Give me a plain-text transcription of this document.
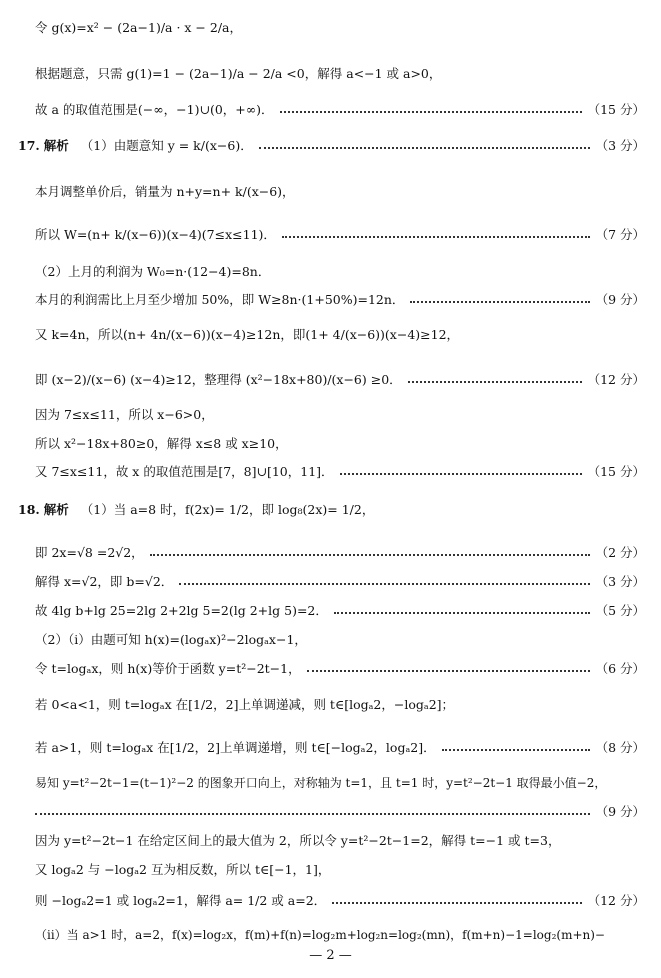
令 g(x)=x² − (2a−1)/a · x − 2/a，
根据题意，只需 g(1)=1 − (2a−1)/a − 2/a <0，解得 a<−1 或 a>0，
故 a 的取值范围是(−∞，−1)∪(0，+∞)．	（15 分）
17. 解析 （1）由题意知 y = k/(x−6)．	（3 分）
本月调整单价后，销量为 n+y=n+ k/(x−6)，
所以 W=(n+ k/(x−6))(x−4)(7≤x≤11)．	（7 分）
（2）上月的利润为 W₀=n·(12−4)=8n．
本月的利润需比上月至少增加 50%，即 W≥8n·(1+50%)=12n．	（9 分）
又 k=4n，所以(n+ 4n/(x−6))(x−4)≥12n，即(1+ 4/(x−6))(x−4)≥12，
即 (x−2)/(x−6) (x−4)≥12，整理得 (x²−18x+80)/(x−6) ≥0．	（12 分）
因为 7≤x≤11，所以 x−6>0，
所以 x²−18x+80≥0，解得 x≤8 或 x≥10，
又 7≤x≤11，故 x 的取值范围是[7，8]∪[10，11]．	（15 分）
18. 解析 （1）当 a=8 时，f(2x)= 1/2，即 log₈(2x)= 1/2，
即 2x=√8 =2√2，	（2 分）
解得 x=√2，即 b=√2．	（3 分）
故 4lg b+lg 25=2lg 2+2lg 5=2(lg 2+lg 5)=2．	（5 分）
（2）（ⅰ）由题可知 h(x)=(logₐx)²−2logₐx−1，
令 t=logₐx，则 h(x)等价于函数 y=t²−2t−1，	（6 分）
若 0<a<1，则 t=logₐx 在[1/2，2]上单调递减，则 t∈[logₐ2，−logₐ2]；
若 a>1，则 t=logₐx 在[1/2，2]上单调递增，则 t∈[−logₐ2，logₐ2]．	（8 分）
易知 y=t²−2t−1=(t−1)²−2 的图象开口向上，对称轴为 t=1，且 t=1 时，y=t²−2t−1 取得最小值−2，
（9 分）
因为 y=t²−2t−1 在给定区间上的最大值为 2，所以令 y=t²−2t−1=2，解得 t=−1 或 t=3，
又 logₐ2 与 −logₐ2 互为相反数，所以 t∈[−1，1]，
则 −logₐ2=1 或 logₐ2=1，解得 a= 1/2 或 a=2．	（12 分）
（ⅱ）当 a>1 时，a=2，f(x)=log₂x，f(m)+f(n)=log₂m+log₂n=log₂(mn)，f(m+n)−1=log₂(m+n)−
— 2 —
